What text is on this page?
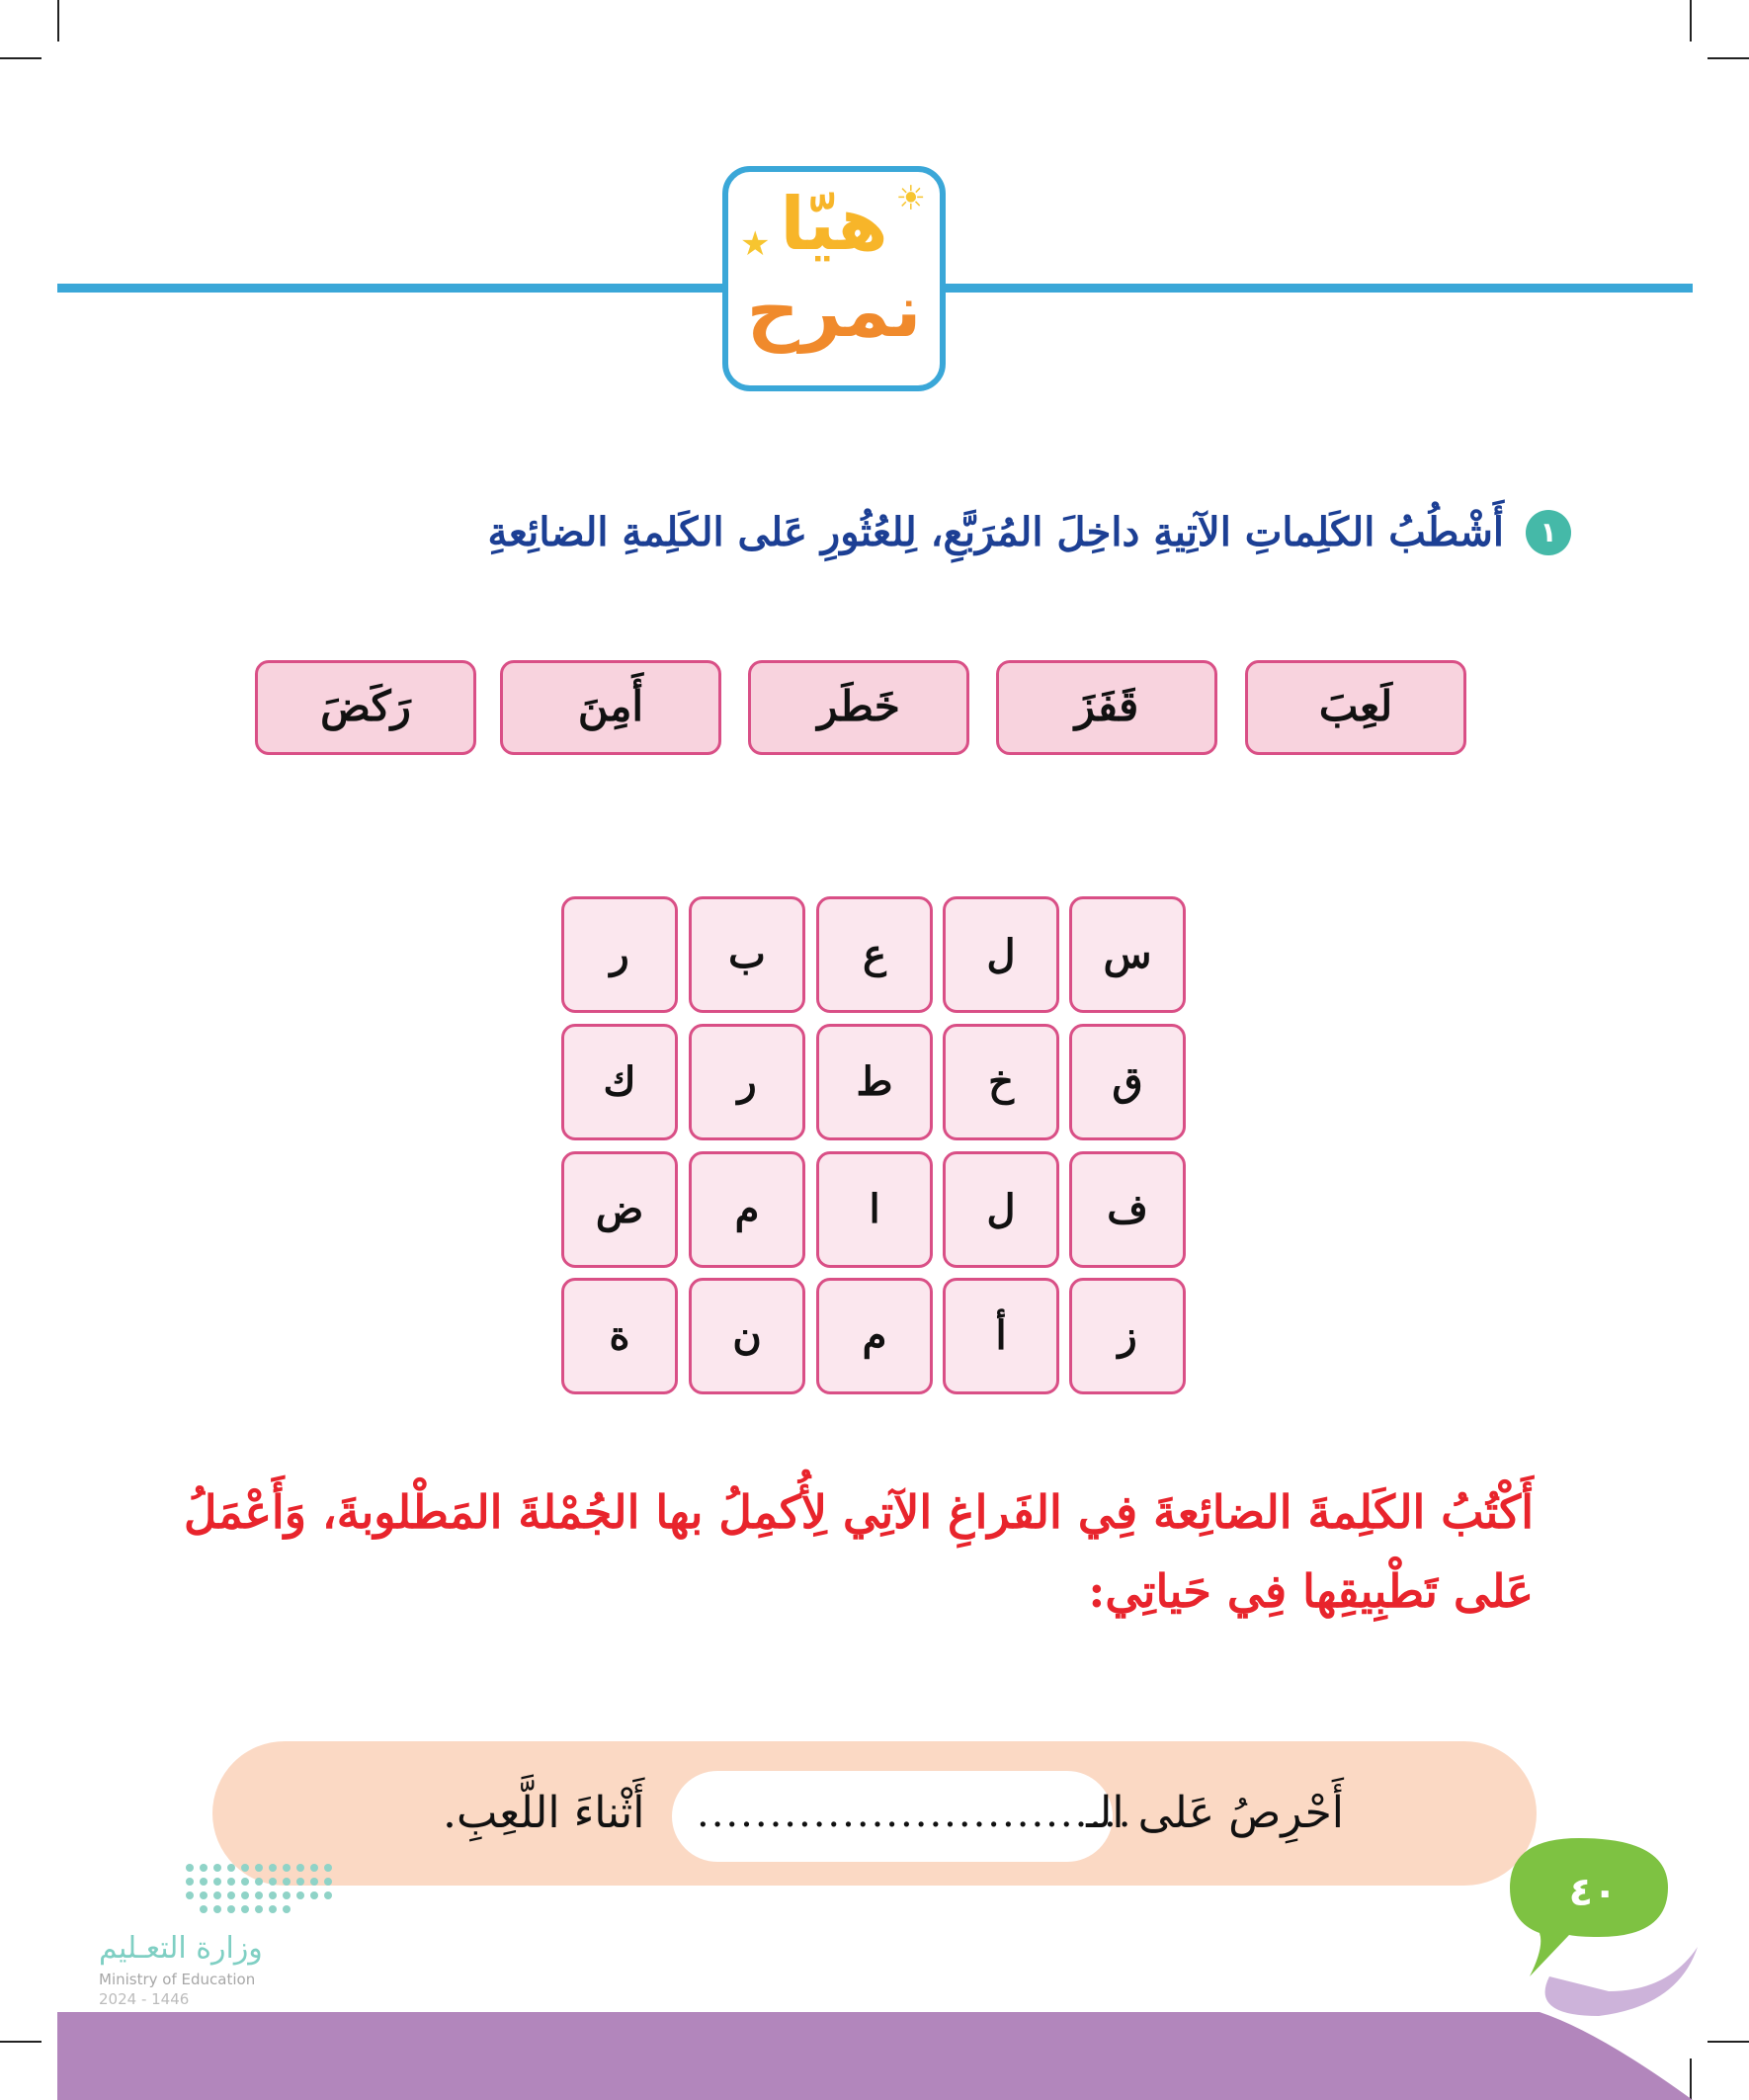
★
☀
هيّا
نمرح
١أَشْطُبُ الكَلِماتِ الآتِيةِ داخِلَ المُرَبَّعِ، لِلعُثُورِ عَلى الكَلِمةِ الضائِعةِ
لَعِبَ
قَفَزَ
خَطَر
أَمِنَ
رَكَضَ
س
ل
ع
ب
ر
ق
خ
ط
ر
ك
ف
ل
ا
م
ض
ز
أ
م
ن
ة
أَكْتُبُ الكَلِمةَ الضائِعةَ فِي الفَراغِ الآتِي لِأُكمِلُ بها الجُمْلةَ المَطْلوبةَ، وَأَعْمَلُ
عَلى تَطْبِيقِها فِي حَياتِي:
أَحْرِصُ عَلى الـ
..............................
أَثْناءَ اللَّعِبِ.
وزارة التعـليم
Ministry of Education
2024 - 1446
٤٠
